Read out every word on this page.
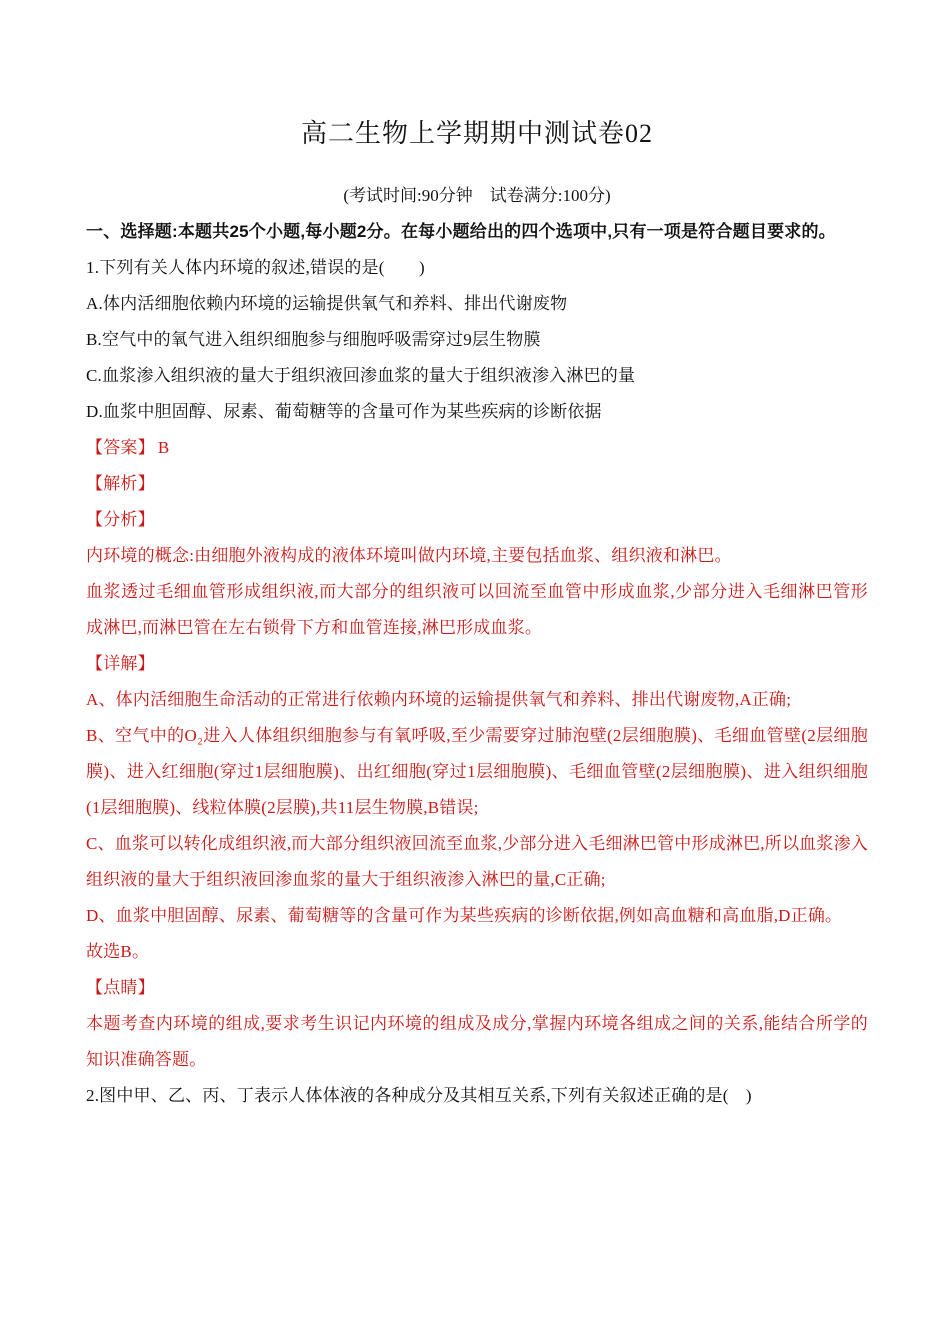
高二生物上学期期中测试卷02
(考试时间:90分钟　试卷满分:100分)
一、选择题:本题共25个小题,每小题2分。在每小题给出的四个选项中,只有一项是符合题目要求的。

1.下列有关人体内环境的叙述,错误的是(　　)

A.体内活细胞依赖内环境的运输提供氧气和养料、排出代谢废物

B.空气中的氧气进入组织细胞参与细胞呼吸需穿过9层生物膜

C.血浆渗入组织液的量大于组织液回渗血浆的量大于组织液渗入淋巴的量

D.血浆中胆固醇、尿素、葡萄糖等的含量可作为某些疾病的诊断依据

【答案】 B

【解析】

【分析】

内环境的概念:由细胞外液构成的液体环境叫做内环境,主要包括血浆、组织液和淋巴。

血浆透过毛细血管形成组织液,而大部分的组织液可以回流至血管中形成血浆,少部分进入毛细淋巴管形成淋巴,而淋巴管在左右锁骨下方和血管连接,淋巴形成血浆。

【详解】

A、体内活细胞生命活动的正常进行依赖内环境的运输提供氧气和养料、排出代谢废物,A正确;

B、空气中的O₂进入人体组织细胞参与有氧呼吸,至少需要穿过肺泡壁(2层细胞膜)、毛细血管壁(2层细胞膜)、进入红细胞(穿过1层细胞膜)、出红细胞(穿过1层细胞膜)、毛细血管壁(2层细胞膜)、进入组织细胞(1层细胞膜)、线粒体膜(2层膜),共11层生物膜,B错误;

C、血浆可以转化成组织液,而大部分组织液回流至血浆,少部分进入毛细淋巴管中形成淋巴,所以血浆渗入组织液的量大于组织液回渗血浆的量大于组织液渗入淋巴的量,C正确;

D、血浆中胆固醇、尿素、葡萄糖等的含量可作为某些疾病的诊断依据,例如高血糖和高血脂,D正确。

故选B。

【点睛】

本题考查内环境的组成,要求考生识记内环境的组成及成分,掌握内环境各组成之间的关系,能结合所学的知识准确答题。

2.图中甲、乙、丙、丁表示人体体液的各种成分及其相互关系,下列有关叙述正确的是(　)
